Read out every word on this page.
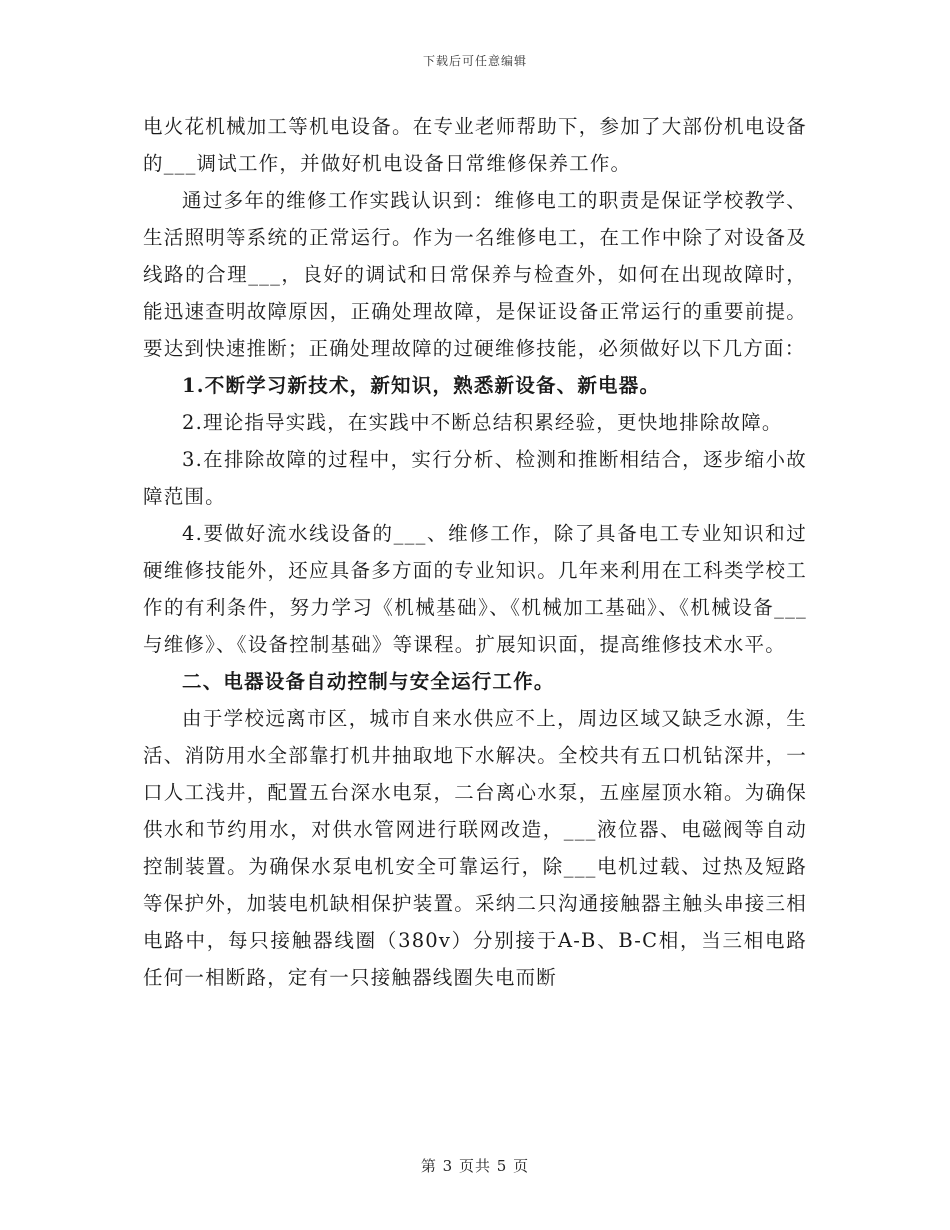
下载后可任意编辑

电火花机械加工等机电设备。在专业老师帮助下，参加了大部份机电设备的___调试工作，并做好机电设备日常维修保养工作。

通过多年的维修工作实践认识到：维修电工的职责是保证学校教学、生活照明等系统的正常运行。作为一名维修电工，在工作中除了对设备及线路的合理___，良好的调试和日常保养与检查外，如何在出现故障时，能迅速查明故障原因，正确处理故障，是保证设备正常运行的重要前提。要达到快速推断；正确处理故障的过硬维修技能，必须做好以下几方面：

1.不断学习新技术，新知识，熟悉新设备、新电器。

2.理论指导实践，在实践中不断总结积累经验，更快地排除故障。

3.在排除故障的过程中，实行分析、检测和推断相结合，逐步缩小故障范围。

4.要做好流水线设备的___、维修工作，除了具备电工专业知识和过硬维修技能外，还应具备多方面的专业知识。几年来利用在工科类学校工作的有利条件，努力学习《机械基础》、《机械加工基础》、《机械设备___与维修》、《设备控制基础》等课程。扩展知识面，提高维修技术水平。

二、电器设备自动控制与安全运行工作。

由于学校远离市区，城市自来水供应不上，周边区域又缺乏水源，生活、消防用水全部靠打机井抽取地下水解决。全校共有五口机钻深井，一口人工浅井，配置五台深水电泵，二台离心水泵，五座屋顶水箱。为确保供水和节约用水，对供水管网进行联网改造，___液位器、电磁阀等自动控制装置。为确保水泵电机安全可靠运行，除___电机过载、过热及短路等保护外，加装电机缺相保护装置。采纳二只沟通接触器主触头串接三相电路中，每只接触器线圈（380v）分别接于A-B、B-C相，当三相电路任何一相断路，定有一只接触器线圈失电而断

第 3 页共 5 页
